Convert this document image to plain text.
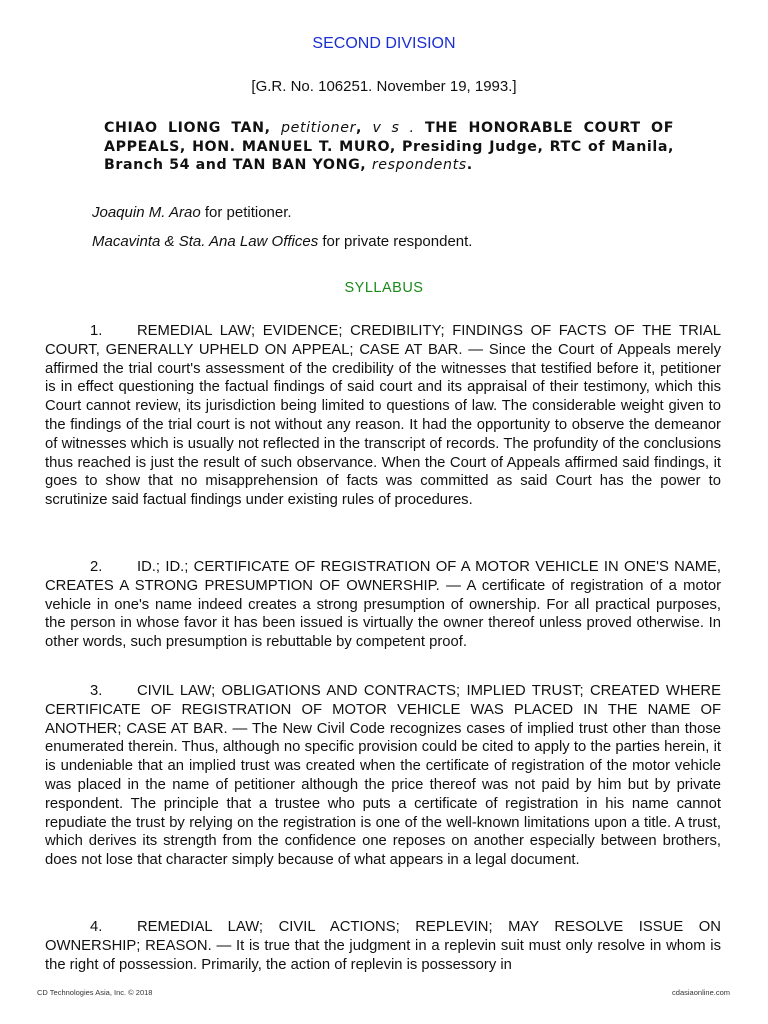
SECOND DIVISION
[G.R. No. 106251. November 19, 1993.]
CHIAO LIONG TAN, petitioner, v s . THE HONORABLE COURT OF APPEALS, HON. MANUEL T. MURO, Presiding Judge, RTC of Manila, Branch 54 and TAN BAN YONG, respondents.
Joaquin M. Arao for petitioner.
Macavinta & Sta. Ana Law Offices for private respondent.
SYLLABUS
1. REMEDIAL LAW; EVIDENCE; CREDIBILITY; FINDINGS OF FACTS OF THE TRIAL COURT, GENERALLY UPHELD ON APPEAL; CASE AT BAR. — Since the Court of Appeals merely affirmed the trial court's assessment of the credibility of the witnesses that testified before it, petitioner is in effect questioning the factual findings of said court and its appraisal of their testimony, which this Court cannot review, its jurisdiction being limited to questions of law. The considerable weight given to the findings of the trial court is not without any reason. It had the opportunity to observe the demeanor of witnesses which is usually not reflected in the transcript of records. The profundity of the conclusions thus reached is just the result of such observance. When the Court of Appeals affirmed said findings, it goes to show that no misapprehension of facts was committed as said Court has the power to scrutinize said factual findings under existing rules of procedures.
2. ID.; ID.; CERTIFICATE OF REGISTRATION OF A MOTOR VEHICLE IN ONE'S NAME, CREATES A STRONG PRESUMPTION OF OWNERSHIP. — A certificate of registration of a motor vehicle in one's name indeed creates a strong presumption of ownership. For all practical purposes, the person in whose favor it has been issued is virtually the owner thereof unless proved otherwise. In other words, such presumption is rebuttable by competent proof.
3. CIVIL LAW; OBLIGATIONS AND CONTRACTS; IMPLIED TRUST; CREATED WHERE CERTIFICATE OF REGISTRATION OF MOTOR VEHICLE WAS PLACED IN THE NAME OF ANOTHER; CASE AT BAR. — The New Civil Code recognizes cases of implied trust other than those enumerated therein. Thus, although no specific provision could be cited to apply to the parties herein, it is undeniable that an implied trust was created when the certificate of registration of the motor vehicle was placed in the name of petitioner although the price thereof was not paid by him but by private respondent. The principle that a trustee who puts a certificate of registration in his name cannot repudiate the trust by relying on the registration is one of the well-known limitations upon a title. A trust, which derives its strength from the confidence one reposes on another especially between brothers, does not lose that character simply because of what appears in a legal document.
4. REMEDIAL LAW; CIVIL ACTIONS; REPLEVIN; MAY RESOLVE ISSUE ON OWNERSHIP; REASON. — It is true that the judgment in a replevin suit must only resolve in whom is the right of possession. Primarily, the action of replevin is possessory in
CD Technologies Asia, Inc. © 2018	cdasiaonline.com
